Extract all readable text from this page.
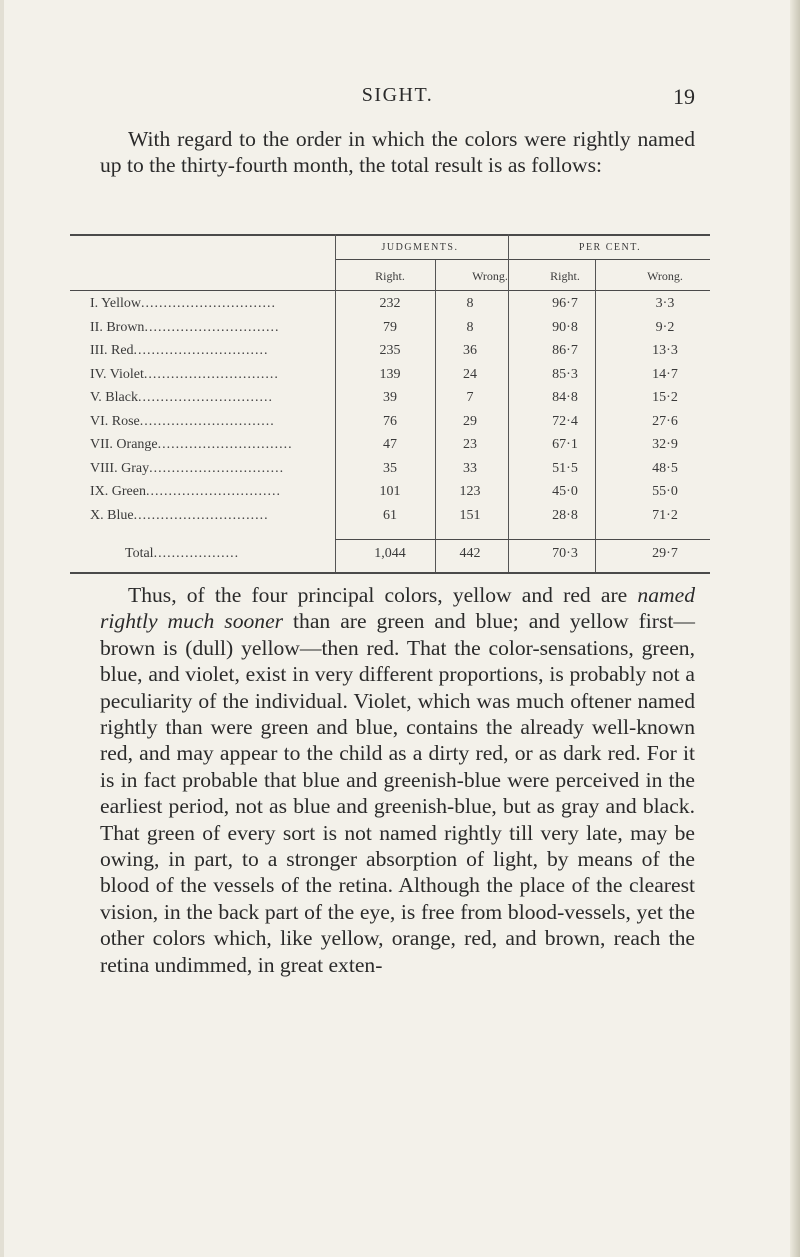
SIGHT.	19

With regard to the order in which the colors were rightly named up to the thirty-fourth month, the total result is as follows:

JUDGMENTS.	PER CENT.
Right.	Wrong.	Right.	Wrong.
I. Yellow..............................	232	8	96·7	3·3
II. Brown..............................	79	8	90·8	9·2
III. Red..............................	235	36	86·7	13·3
IV. Violet..............................	139	24	85·3	14·7
V. Black..............................	39	7	84·8	15·2
VI. Rose..............................	76	29	72·4	27·6
VII. Orange..............................	47	23	67·1	32·9
VIII. Gray..............................	35	33	51·5	48·5
IX. Green..............................	101	123	45·0	55·0
X. Blue..............................	61	151	28·8	71·2
Total...................	1,044	442	70·3	29·7

Thus, of the four principal colors, yellow and red are named rightly much sooner than are green and blue; and yellow first—brown is (dull) yellow—then red. That the color-sensations, green, blue, and violet, exist in very different proportions, is probably not a peculiarity of the individual. Violet, which was much oftener named rightly than were green and blue, contains the already well-known red, and may appear to the child as a dirty red, or as dark red. For it is in fact probable that blue and greenish-blue were perceived in the earliest period, not as blue and greenish-blue, but as gray and black. That green of every sort is not named rightly till very late, may be owing, in part, to a stronger absorption of light, by means of the blood of the vessels of the retina. Although the place of the clearest vision, in the back part of the eye, is free from blood-vessels, yet the other colors which, like yellow, orange, red, and brown, reach the retina undimmed, in great exten-
